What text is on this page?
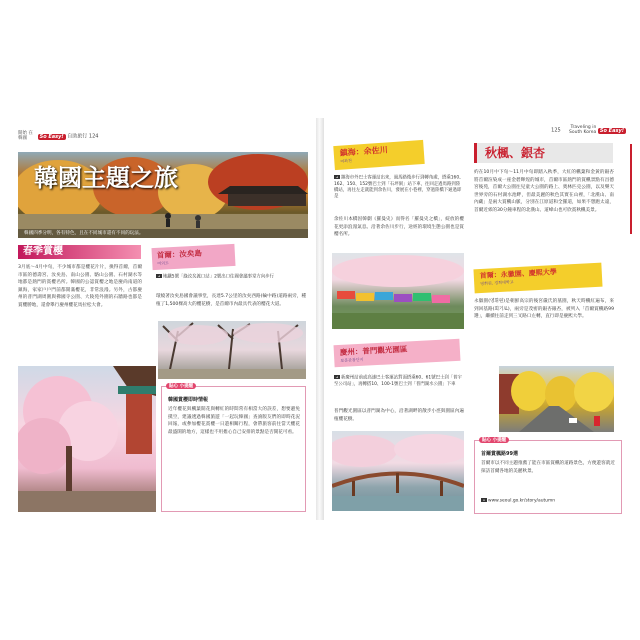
開始 在韓國	So Easy! 自助旅行 124
韓國主題之旅
韓國四季分明，各有特色，且在不同城市還有不同的玩法。
春季賞櫻
3月底～4月中旬，不少城市都是櫻花片片，換得首爾，首爾市區的德壽宮、汝矣島、南山公園、駱山公園、石村湖水等地都是熱門的賞櫻名所。韓國的公認賞櫻之地是慶尚南道的鎮海，家家戶戶門前都開滿櫻花，非常浪漫。另外，古都慶州的普門湖周圍與佛國寺公園、大陵苑外圍的石牆路也都是賞櫻勝地，還會舉行慶州櫻花馬拉松大會。
首爾：汝矣島
여의도
➜ 地鐵5號「綠汝矣渡口站」2號出口往國會議事堂方向步行
環繞著汝矣島國會議事堂，長達5.7公里的汝矣西路(輪中路)道路兩旁，種植了1,500棵高大的櫻花樹，是首爾市內最具代表的櫻花大道。
貼心 小提醒
韓國賞櫻即時情報
近年櫻花與楓葉開花與轉紅的時間常有相當大的誤差，想要避免撲空，建議透過韓國旅遊「一起玩韓國」查詢版友們的即時花況回報，或參加櫻花賞櫻一日遊相關行程，會帶旅客前往當天櫻花最盛開的地方，這樣也不用擔心自己安排的景點是否開花可看。
125 Traveling in South Korea So Easy!
鎮海：余佐川
여좌천
➜ 鎮海市外巴士客運站出來，過馬路後步行到轉角處，搭乘160、162、150、152號巴士到「石坪洞」站下車，往回走過馬路到陸橋站，再往左走就能到余佐川，發展在小巷裡，穿過陸橋下通過即是
余佐川本橋因韓劇《羅曼史》而得名「羅曼史之橋」，綻放的櫻花更添浪漫氣息。沿著余佐川步行，途經的環境生態公園也是賞櫻名所。
慶州：普門觀光園區
보문관광단지
➜ 新慶州站前或高速巴士客運站對面搭乘60、61號巴士到「普宇至公司站」，再轉搭10、100-1號巴士到「普門湖水公園」下車
普門觀光園區以普門湖為中心，沿著湖畔的散步小徑與園區內遍植櫻花樹。
秋楓、銀杏
約在10月中下旬～11月中旬即踏入秋季，大紅的楓葉和金黃的銀杏將首爾渲染成一座金碧輝煌的城市，首爾市區熱門的賞楓景點有昌德宮後苑，首爾大公園往兒童大公園的路上、奧林匹克公園，以及樂天世界旁的石村湖水池畔，但最美麗的秋色其實在山裡，「北漢山、南內藏」是兩大賞楓山脈，分別在江原道和全羅道，如果不想跑太遠，首爾近郊的30分鐘車程的北漢山、道峰山也可欣賞秋楓美景。
首爾：永徽園、慶熙大學
영휘원, 경희대학교
永徽園(영휘원)是朝鮮高宗的後宮嚴氏的墓園，秋天時楓紅遍布，來到回基路(회기로)，兩旁是茂密的銀杏銀杏，被列入「首爾賞楓路99選」，繼續往前走到三叉路口左轉，直行即是慶熙大學。
貼心 小提醒
首爾賞楓路99選
首爾市以不同主題推薦了能在市區賞楓的道路景色，方便遊客就近探訪首爾各地的美麗秋景。
⌂ www.seoul.go.kr/story/autumn
